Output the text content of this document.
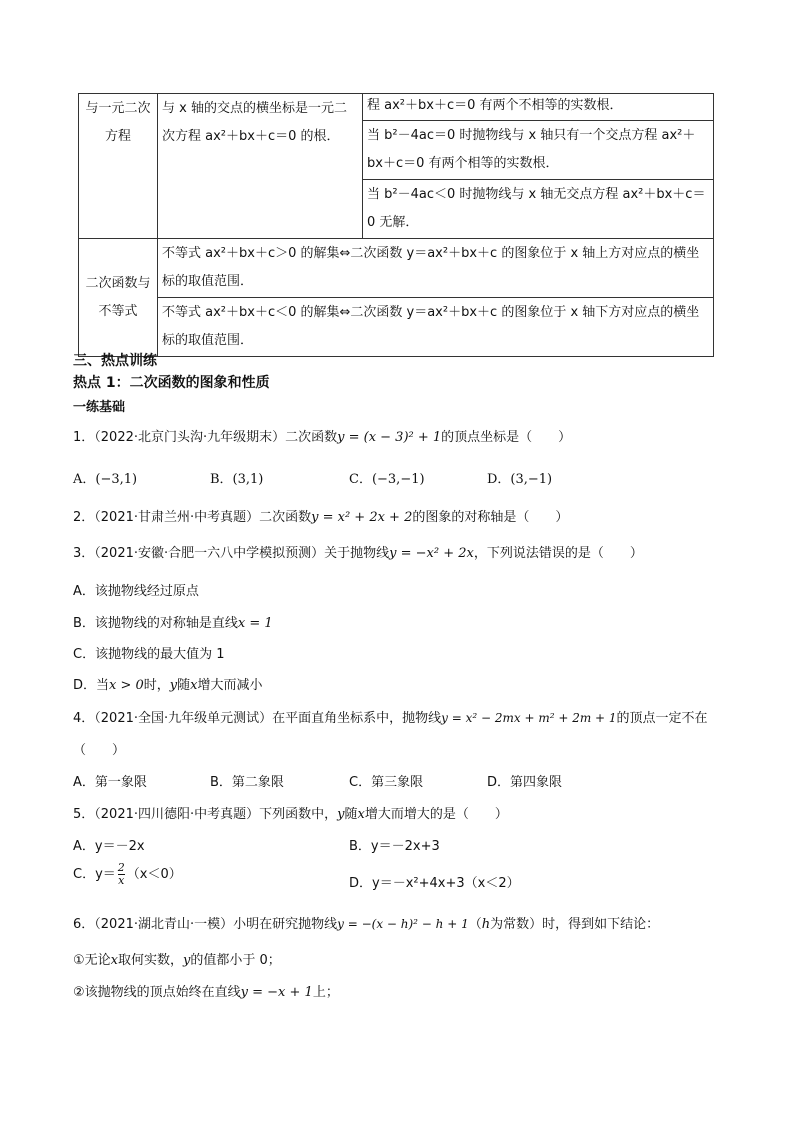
与一元二次方程	与 x 轴的交点的横坐标是一元二次方程 ax²＋bx＋c＝0 的根．	程 ax²＋bx＋c＝0 有两个不相等的实数根．
		当 b²－4ac＝0 时抛物线与 x 轴只有一个交点方程 ax²＋bx＋c＝0 有两个相等的实数根．
		当 b²－4ac＜0 时抛物线与 x 轴无交点方程 ax²＋bx＋c＝0 无解．
二次函数与不等式	不等式 ax²＋bx＋c＞0 的解集⇔二次函数 y＝ax²＋bx＋c 的图象位于 x 轴上方对应点的横坐标的取值范围．	
	不等式 ax²＋bx＋c＜0 的解集⇔二次函数 y＝ax²＋bx＋c 的图象位于 x 轴下方对应点的横坐标的取值范围．	
三、热点训练
热点 1：二次函数的图象和性质
一练基础
1．（2022·北京门头沟·九年级期末）二次函数y = (x − 3)² + 1的顶点坐标是（　　）
A．(−3,1)	B．(3,1)	C．(−3,−1)	D．(3,−1)
2．（2021·甘肃兰州·中考真题）二次函数y = x² + 2x + 2的图象的对称轴是（　　）
3．（2021·安徽·合肥一六八中学模拟预测）关于抛物线y = −x² + 2x，下列说法错误的是（　　）
A．该抛物线经过原点
B．该抛物线的对称轴是直线x = 1
C．该抛物线的最大值为 1
D．当x > 0时，y随x增大而减小
4．（2021·全国·九年级单元测试）在平面直角坐标系中，抛物线y = x² − 2mx + m² + 2m + 1的顶点一定不在
（　　）
A．第一象限	B．第二象限	C．第三象限	D．第四象限
5．（2021·四川德阳·中考真题）下列函数中，y随x增大而增大的是（　　）
A．y＝－2x	B．y＝－2x+3
C．$y= \frac{2}{x} (x<0)$
D．y＝－x²+4x+3（x＜2）
6．（2021·湖北青山·一模）小明在研究抛物线y = −(x − h)² − h + 1（h为常数）时，得到如下结论：
①无论x取何实数，y的值都小于 0；
②该抛物线的顶点始终在直线y = −x + 1上；
